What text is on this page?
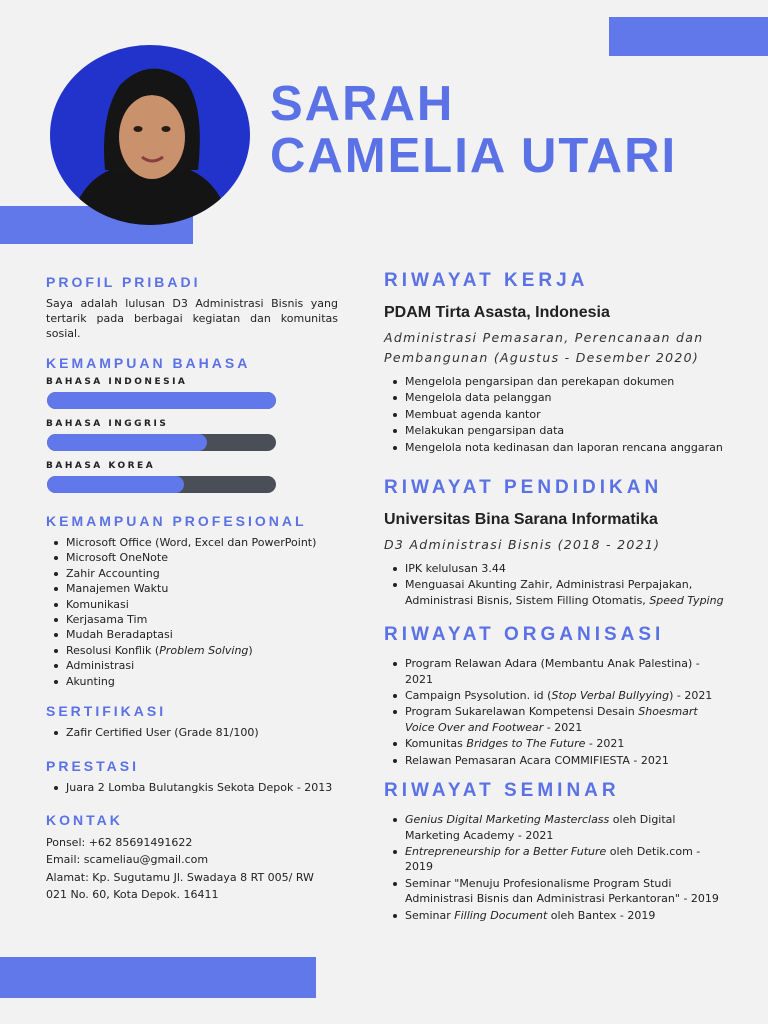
SARAH
CAMELIA UTARI
PROFIL PRIBADI

Saya adalah lulusan D3 Administrasi Bisnis yang tertarik pada berbagai kegiatan dan komunitas sosial.

KEMAMPUAN BAHASA
BAHASA INDONESIA
BAHASA INGGRIS
BAHASA KOREA
KEMAMPUAN PROFESIONAL
Microsoft Office (Word, Excel dan PowerPoint)
Microsoft OneNote
Zahir Accounting
Manajemen Waktu
Komunikasi
Kerjasama Tim
Mudah Beradaptasi
Resolusi Konflik (Problem Solving)
Administrasi
Akunting
SERTIFIKASI
Zafir Certified User (Grade 81/100)
PRESTASI
Juara 2 Lomba Bulutangkis Sekota Depok - 2013
KONTAK
Ponsel: +62 85691491622
Email: scameliau@gmail.com
Alamat: Kp. Sugutamu Jl. Swadaya 8 RT 005/ RW 021 No. 60, Kota Depok. 16411
RIWAYAT KERJA
PDAM Tirta Asasta, Indonesia
Administrasi Pemasaran, Perencanaan dan Pembangunan (Agustus - Desember 2020)
Mengelola pengarsipan dan perekapan dokumen
Mengelola data pelanggan
Membuat agenda kantor
Melakukan pengarsipan data
Mengelola nota kedinasan dan laporan rencana anggaran
RIWAYAT PENDIDIKAN
Universitas Bina Sarana Informatika
D3 Administrasi Bisnis (2018 - 2021)
IPK kelulusan 3.44
Menguasai Akunting Zahir, Administrasi Perpajakan, Administrasi Bisnis, Sistem Filling Otomatis, Speed Typing
RIWAYAT ORGANISASI
Program Relawan Adara (Membantu Anak Palestina) - 2021
Campaign Psysolution. id (Stop Verbal Bullyying) - 2021
Program Sukarelawan Kompetensi Desain Shoesmart Voice Over and Footwear - 2021
Komunitas Bridges to The Future - 2021
Relawan Pemasaran Acara COMMIFIESTA - 2021
RIWAYAT SEMINAR
Genius Digital Marketing Masterclass oleh Digital Marketing Academy - 2021
Entrepreneurship for a Better Future oleh Detik.com - 2019
Seminar "Menuju Profesionalisme Program Studi Administrasi Bisnis dan Administrasi Perkantoran" - 2019
Seminar Filling Document oleh Bantex - 2019
